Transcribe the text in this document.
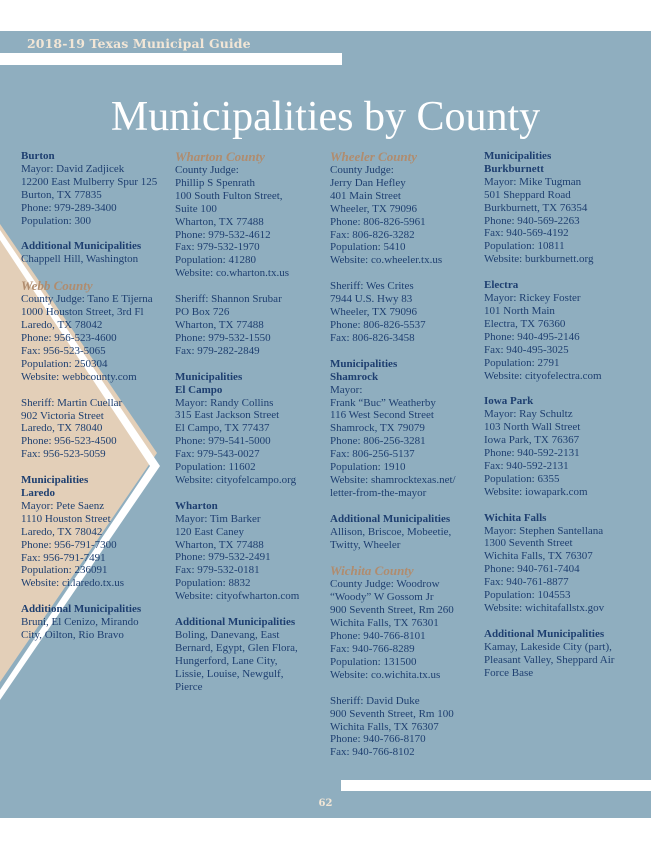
2018-19 Texas Municipal Guide
Municipalities by County
Burton
Mayor: David Zadjicek
12200 East Mulberry Spur 125
Burton, TX 77835
Phone: 979-289-3400
Population: 300
Additional Municipalities
Chappell Hill, Washington
Webb County
County Judge: Tano E Tijerna
1000 Houston Street, 3rd Fl
Laredo, TX 78042
Phone: 956-523-4600
Fax: 956-523-5065
Population: 250304
Website: webbcounty.com
Sheriff: Martin Cuellar
902 Victoria Street
Laredo, TX 78040
Phone: 956-523-4500
Fax: 956-523-5059
Municipalities
Laredo
Mayor: Pete Saenz
1110 Houston Street
Laredo, TX 78042
Phone: 956-791-7300
Fax: 956-791-7491
Population: 236091
Website: ci.laredo.tx.us
Additional Municipalities
Bruni, El Cenizo, Mirando
City, Oilton, Rio Bravo
Wharton County
County Judge:
Phillip S Spenrath
100 South Fulton Street,
Suite 100
Wharton, TX 77488
Phone: 979-532-4612
Fax: 979-532-1970
Population: 41280
Website: co.wharton.tx.us
Sheriff: Shannon Srubar
PO Box 726
Wharton, TX 77488
Phone: 979-532-1550
Fax: 979-282-2849
Municipalities
El Campo
Mayor: Randy Collins
315 East Jackson Street
El Campo, TX 77437
Phone: 979-541-5000
Fax: 979-543-0027
Population: 11602
Website: cityofelcampo.org
Wharton
Mayor: Tim Barker
120 East Caney
Wharton, TX 77488
Phone: 979-532-2491
Fax: 979-532-0181
Population: 8832
Website: cityofwharton.com
Additional Municipalities
Boling, Danevang, East
Bernard, Egypt, Glen Flora,
Hungerford, Lane City,
Lissie, Louise, Newgulf,
Pierce
Wheeler County
County Judge:
Jerry Dan Hefley
401 Main Street
Wheeler, TX 79096
Phone: 806-826-5961
Fax: 806-826-3282
Population: 5410
Website: co.wheeler.tx.us
Sheriff: Wes Crites
7944 U.S. Hwy 83
Wheeler, TX 79096
Phone: 806-826-5537
Fax: 806-826-3458
Municipalities
Shamrock
Mayor:
Frank “Buc” Weatherby
116 West Second Street
Shamrock, TX 79079
Phone: 806-256-3281
Fax: 806-256-5137
Population: 1910
Website: shamrocktexas.net/
letter-from-the-mayor
Additional Municipalities
Allison, Briscoe, Mobeetie,
Twitty, Wheeler
Wichita County
County Judge: Woodrow
“Woody” W Gossom Jr
900 Seventh Street, Rm 260
Wichita Falls, TX 76301
Phone: 940-766-8101
Fax: 940-766-8289
Population: 131500
Website: co.wichita.tx.us
Sheriff: David Duke
900 Seventh Street, Rm 100
Wichita Falls, TX 76307
Phone: 940-766-8170
Fax: 940-766-8102
Municipalities
Burkburnett
Mayor: Mike Tugman
501 Sheppard Road
Burkburnett, TX 76354
Phone: 940-569-2263
Fax: 940-569-4192
Population: 10811
Website: burkburnett.org
Electra
Mayor: Rickey Foster
101 North Main
Electra, TX 76360
Phone: 940-495-2146
Fax: 940-495-3025
Population: 2791
Website: cityofelectra.com
Iowa Park
Mayor: Ray Schultz
103 North Wall Street
Iowa Park, TX 76367
Phone: 940-592-2131
Fax: 940-592-2131
Population: 6355
Website: iowapark.com
Wichita Falls
Mayor: Stephen Santellana
1300 Seventh Street
Wichita Falls, TX 76307
Phone: 940-761-7404
Fax: 940-761-8877
Population: 104553
Website: wichitafallstx.gov
Additional Municipalities
Kamay, Lakeside City (part),
Pleasant Valley, Sheppard Air
Force Base
62
